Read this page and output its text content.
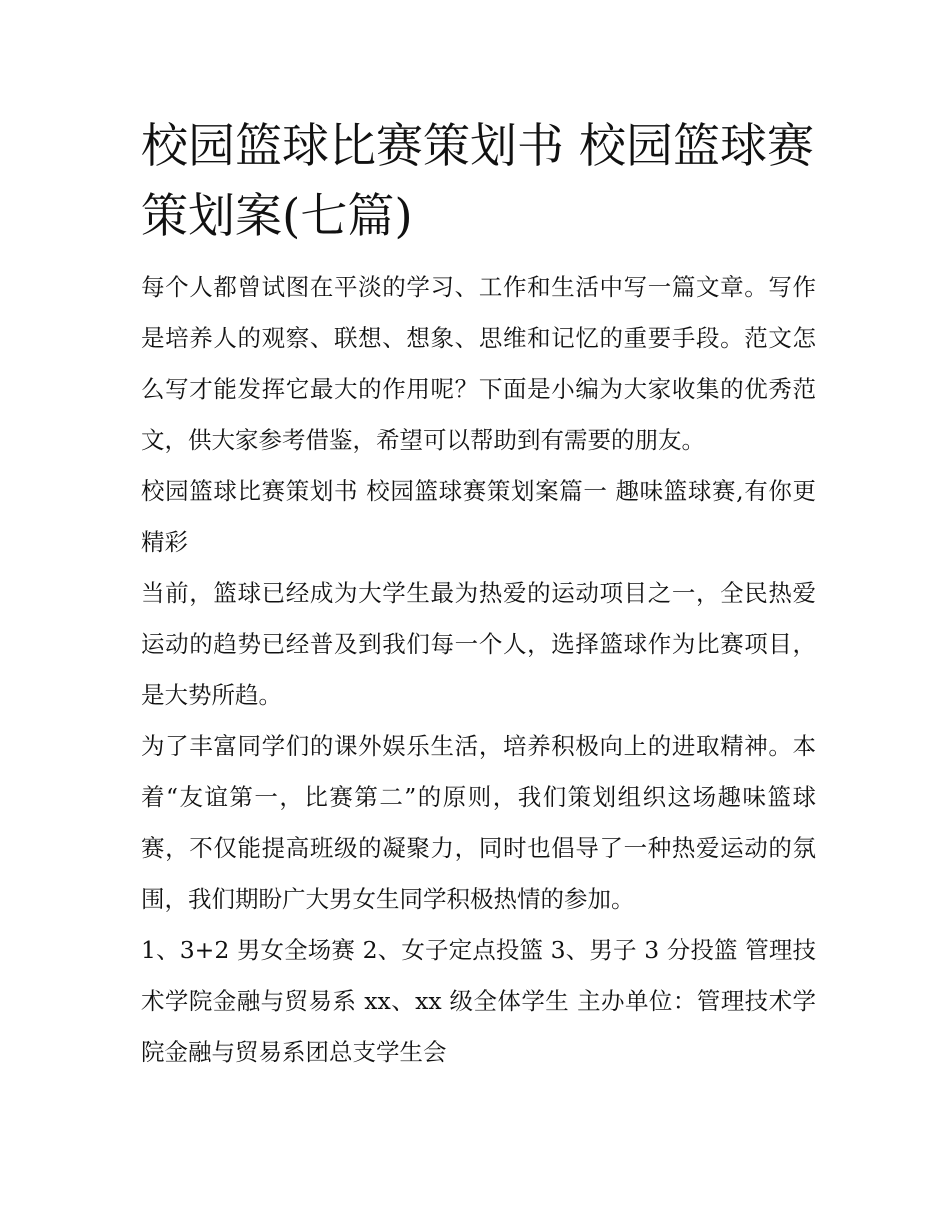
校园篮球比赛策划书 校园篮球赛策划案(七篇)

每个人都曾试图在平淡的学习、工作和生活中写一篇文章。写作是培养人的观察、联想、想象、思维和记忆的重要手段。范文怎么写才能发挥它最大的作用呢？下面是小编为大家收集的优秀范文，供大家参考借鉴，希望可以帮助到有需要的朋友。

校园篮球比赛策划书 校园篮球赛策划案篇一 趣味篮球赛,有你更精彩

当前，篮球已经成为大学生最为热爱的运动项目之一，全民热爱运动的趋势已经普及到我们每一个人，选择篮球作为比赛项目，是大势所趋。

为了丰富同学们的课外娱乐生活，培养积极向上的进取精神。本着“友谊第一，比赛第二”的原则，我们策划组织这场趣味篮球赛，不仅能提高班级的凝聚力，同时也倡导了一种热爱运动的氛围，我们期盼广大男女生同学积极热情的参加。

1、3+2 男女全场赛 2、女子定点投篮 3、男子 3 分投篮 管理技术学院金融与贸易系 xx、xx 级全体学生 主办单位：管理技术学院金融与贸易系团总支学生会
